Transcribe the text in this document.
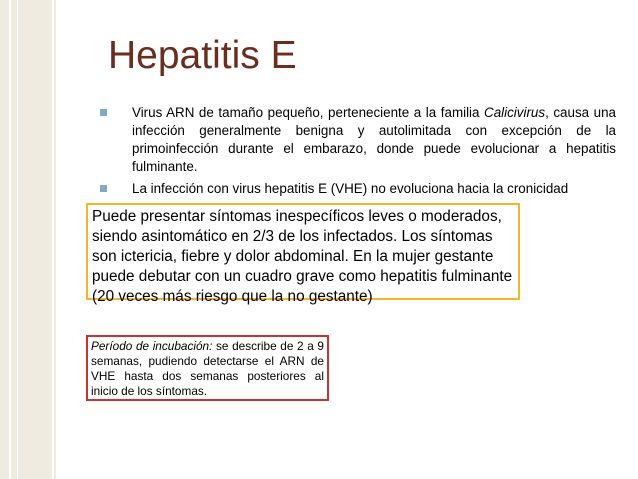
Hepatitis E
Virus ARN de tamaño pequeño, perteneciente a la familia Calicivirus, causa una infección generalmente benigna y autolimitada con excepción de la primoinfección durante el embarazo, donde puede evolucionar a hepatitis fulminante.
La infección con virus hepatitis E (VHE) no evoluciona hacia la cronicidad
Puede presentar síntomas inespecíficos leves o moderados, siendo asintomático en 2/3 de los infectados. Los síntomas son ictericia, fiebre y dolor abdominal. En la mujer gestante puede debutar con un cuadro grave como hepatitis fulminante (20 veces más riesgo que la no gestante)
Período de incubación: se describe de 2 a 9 semanas, pudiendo detectarse el ARN de VHE hasta dos semanas posteriores al inicio de los síntomas.
